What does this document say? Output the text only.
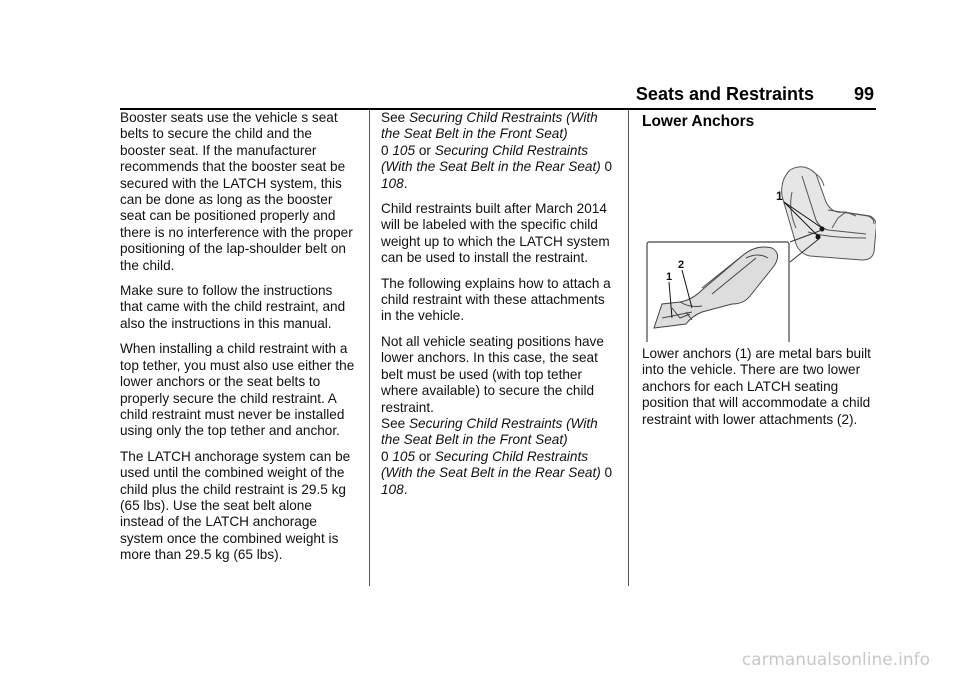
Seats and Restraints 99

Booster seats use the vehicle s seat belts to secure the child and the booster seat. If the manufacturer recommends that the booster seat be secured with the LATCH system, this can be done as long as the booster seat can be positioned properly and there is no interference with the proper positioning of the lap-shoulder belt on the child.

Make sure to follow the instructions that came with the child restraint, and also the instructions in this manual.

When installing a child restraint with a top tether, you must also use either the lower anchors or the seat belts to properly secure the child restraint. A child restraint must never be installed using only the top tether and anchor.

The LATCH anchorage system can be used until the combined weight of the child plus the child restraint is 29.5 kg (65 lbs). Use the seat belt alone instead of the LATCH anchorage system once the combined weight is more than 29.5 kg (65 lbs).

See Securing Child Restraints (With the Seat Belt in the Front Seat)
0 105 or Securing Child Restraints (With the Seat Belt in the Rear Seat) 0 108.

Child restraints built after March 2014 will be labeled with the specific child weight up to which the LATCH system can be used to install the restraint.

The following explains how to attach a child restraint with these attachments in the vehicle.

Not all vehicle seating positions have lower anchors. In this case, the seat belt must be used (with top tether where available) to secure the child restraint.
See Securing Child Restraints (With the Seat Belt in the Front Seat)
0 105 or Securing Child Restraints (With the Seat Belt in the Rear Seat) 0 108.

Lower Anchors
1
1
2

Lower anchors (1) are metal bars built into the vehicle. There are two lower anchors for each LATCH seating position that will accommodate a child restraint with lower attachments (2).

carmanualsonline.info
